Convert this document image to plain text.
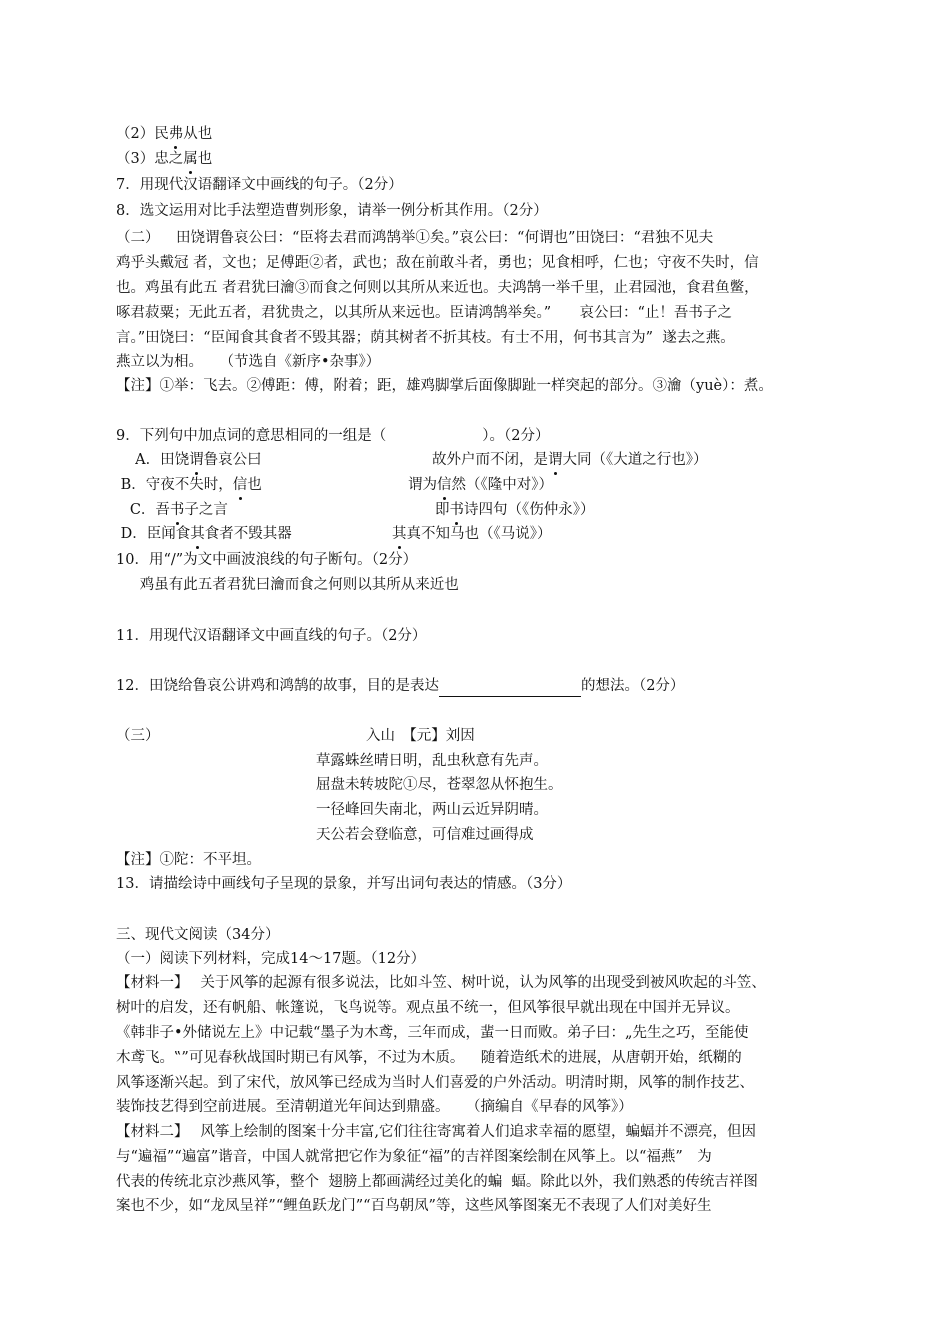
（2）民弗从也
（3）忠之属也
7．用现代汉语翻译文中画线的句子。（2分）
8．选文运用对比手法塑造曹刿形象，请举一例分析其作用。（2分）
（二）　  田饶谓鲁哀公曰：“臣将去君而鸿鹄举①矣。”哀公曰：“何谓也”田饶曰：“君独不见夫
鸡乎头戴冠 者，文也；足傅距②者，武也；敌在前敢斗者，勇也；见食相呼，仁也；守夜不失时，信
也。鸡虽有此五 者君犹曰瀹③而食之何则以其所从来近也。夫鸿鹄一举千里，止君园池，食君鱼鳖，
啄君菽粟；无此五者，君犹贵之，以其所从来远也。臣请鸿鹄举矣。”　   哀公曰：“止！吾书子之
言。”田饶曰：“臣闻食其食者不毁其器；荫其树者不折其枝。有士不用，何书其言为”  遂去之燕。
燕立以为相。　  （节选自《新序•杂事》）
【注】①举：飞去。②傅距：傅，附着；距，雄鸡脚掌后面像脚趾一样突起的部分。③瀹（yuè）：煮。
9．下列句中加点词的意思相同的一组是（	）。（2分）
　 A．田饶谓鲁哀公曰	故外户而不闭，是谓大同（《大道之行也》）
B．守夜不失时，信也	谓为信然（《隆中对》）
C．吾书子之言	即书诗四句（《伤仲永》）
D．臣闻食其食者不毁其器	其真不知马也（《马说》）
10．用“/”为文中画波浪线的句子断句。（2分）
　  鸡虽有此五者君犹曰瀹而食之何则以其所从来近也
11．用现代汉语翻译文中画直线的句子。（2分）
12．田饶给鲁哀公讲鸡和鸿鹄的故事，目的是表达	的想法。（2分）
（三）	入山　【元】刘因
草露蛛丝晴日明，乱虫秋意有先声。
屈盘未转坡陀①尽，苍翠忽从怀抱生。
一径峰回失南北，两山云近异阴晴。
天公若会登临意，可信难过画得成
【注】①陀：不平坦。
13．请描绘诗中画线句子呈现的景象，并写出词句表达的情感。（3分）
三、现代文阅读（34分）
（一）阅读下列材料，完成14～17题。（12分）
【材料一】　 关于风筝的起源有很多说法，比如斗笠、树叶说，认为风筝的出现受到被风吹起的斗笠、
树叶的启发，还有帆船、帐篷说，飞鸟说等。观点虽不统一，但风筝很早就出现在中国并无异议。
《韩非子•外储说左上》中记载“墨子为木鸢，三年而成，蜚一日而败。弟子曰：„先生之巧，至能使
木鸢飞。‟”可见春秋战国时期已有风筝，不过为木质。　  随着造纸术的进展，从唐朝开始，纸糊的
风筝逐渐兴起。到了宋代，放风筝已经成为当时人们喜爱的户外活动。明清时期，风筝的制作技艺、
装饰技艺得到空前进展。至清朝道光年间达到鼎盛。　  （摘编自《早春的风筝》）
【材料二】　 风筝上绘制的图案十分丰富,它们往往寄寓着人们追求幸福的愿望，蝙蝠并不漂亮，但因
与“遍福”“遍富”谐音，中国人就常把它作为象征“福”的吉祥图案绘制在风筝上。以“福燕”　为
代表的传统北京沙燕风筝，整个  翅膀上都画满经过美化的蝙  蝠。除此以外，我们熟悉的传统吉祥图
案也不少，如“龙凤呈祥”“鲤鱼跃龙门”“百鸟朝凤”等，这些风筝图案无不表现了人们对美好生
